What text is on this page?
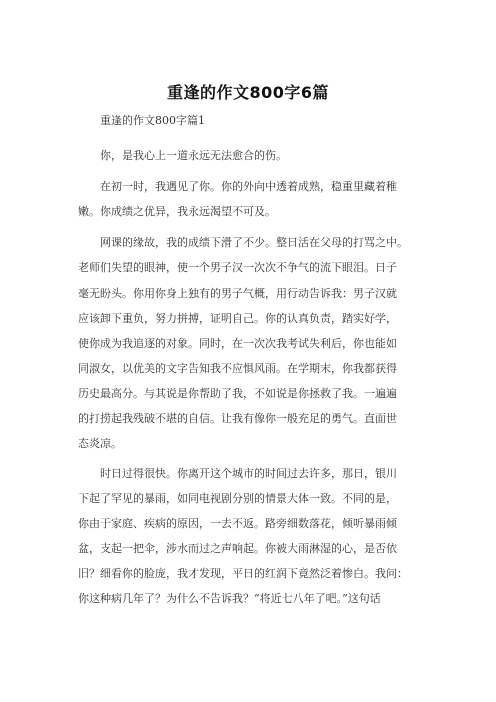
重逢的作文800字6篇
重逢的作文800字篇1
你，是我心上一道永远无法愈合的伤。
在初一时，我遇见了你。你的外向中透着成熟，稳重里藏着稚
嫩。你成绩之优异，我永远渴望不可及。
网课的缘故，我的成绩下滑了不少。整日活在父母的打骂之中。
老师们失望的眼神，使一个男子汉一次次不争气的流下眼泪。日子
毫无盼头。你用你身上独有的男子气概，用行动告诉我：男子汉就
应该卸下重负，努力拼搏，证明自己。你的认真负责，踏实好学，
使你成为我追逐的对象。同时，在一次次我考试失利后，你也能如
同淑女，以优美的文字告知我不应惧风雨。在学期末，你我都获得
历史最高分。与其说是你帮助了我，不如说是你拯救了我。一遍遍
的打捞起我残破不堪的自信。让我有像你一般充足的勇气。直面世
态炎凉。
时日过得很快。你离开这个城市的时间过去许多，那日，银川
下起了罕见的暴雨，如同电视剧分别的情景大体一致。不同的是，
你由于家庭、疾病的原因，一去不返。路旁细数落花，倾听暴雨倾
盆，支起一把伞，涉水而过之声响起。你被大雨淋湿的心，是否依
旧？细看你的脸庞，我才发现，平日的红润下竟然泛着惨白。我问：
你这种病几年了？为什么不告诉我？“将近七八年了吧。”这句话
